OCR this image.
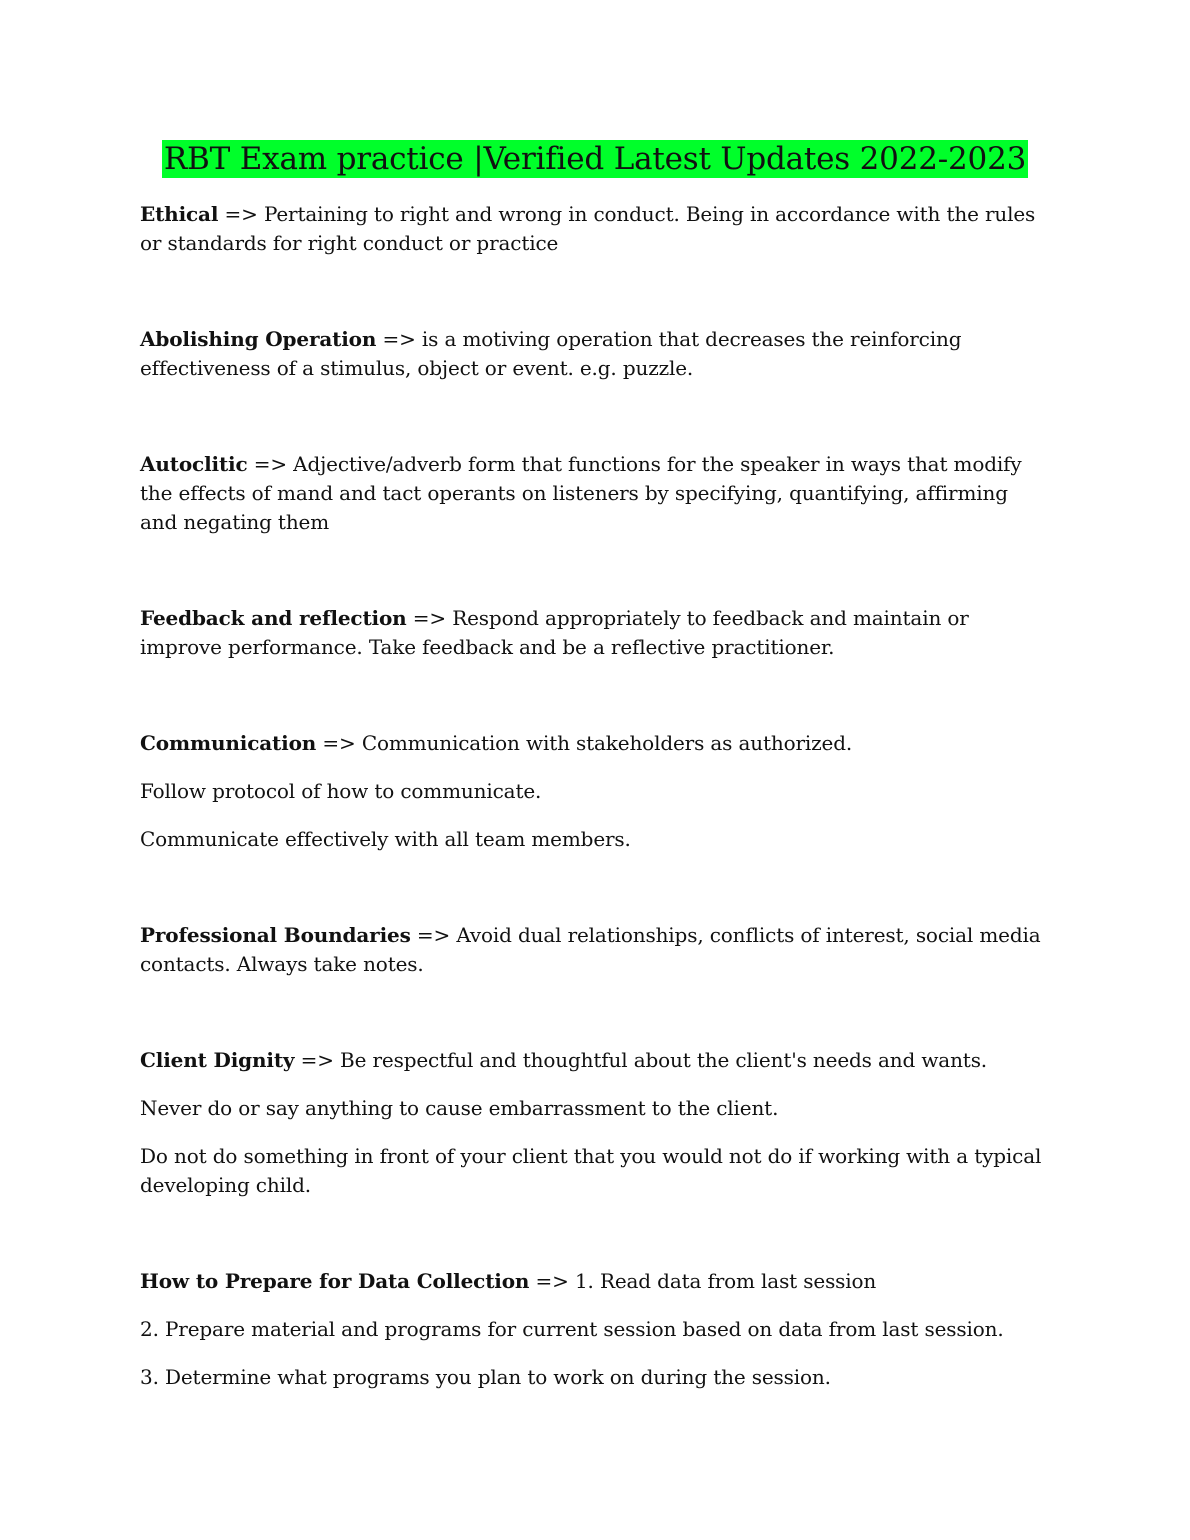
RBT Exam practice |Verified Latest Updates 2022-2023

Ethical => Pertaining to right and wrong in conduct. Being in accordance with the rules or standards for right conduct or practice

Abolishing Operation => is a motiving operation that decreases the reinforcing effectiveness of a stimulus, object or event. e.g. puzzle.

Autoclitic => Adjective/adverb form that functions for the speaker in ways that modify the effects of mand and tact operants on listeners by specifying, quantifying, affirming and negating them

Feedback and reflection => Respond appropriately to feedback and maintain or improve performance. Take feedback and be a reflective practitioner.

Communication => Communication with stakeholders as authorized.

Follow protocol of how to communicate.

Communicate effectively with all team members.

Professional Boundaries => Avoid dual relationships, conflicts of interest, social media contacts. Always take notes.

Client Dignity => Be respectful and thoughtful about the client's needs and wants.

Never do or say anything to cause embarrassment to the client.

Do not do something in front of your client that you would not do if working with a typical developing child.

How to Prepare for Data Collection => 1. Read data from last session

2. Prepare material and programs for current session based on data from last session.

3. Determine what programs you plan to work on during the session.
